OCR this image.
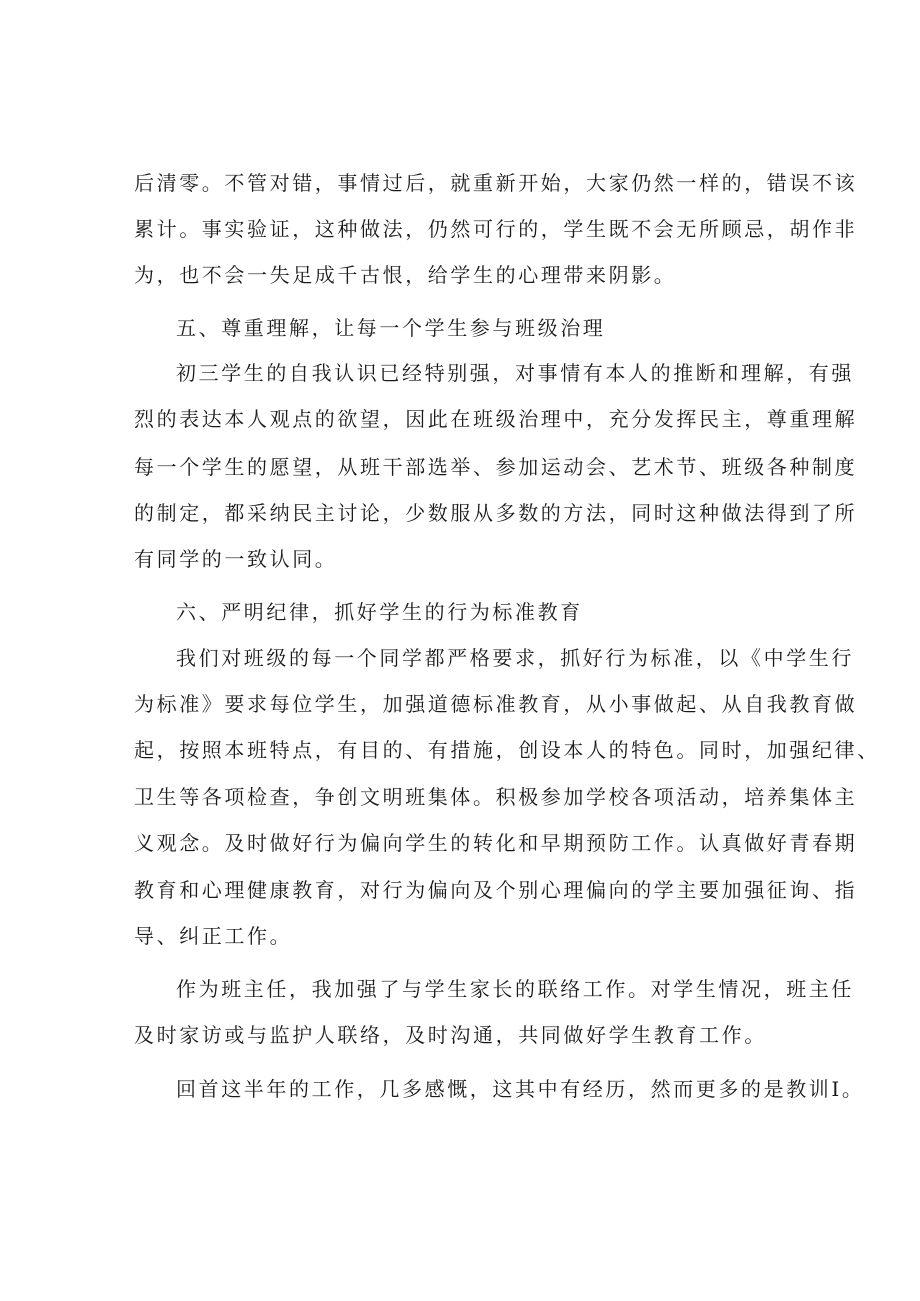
后清零。不管对错，事情过后，就重新开始，大家仍然一样的，错误不该

累计。事实验证，这种做法，仍然可行的，学生既不会无所顾忌，胡作非

为，也不会一失足成千古恨，给学生的心理带来阴影。

五、尊重理解，让每一个学生参与班级治理

初三学生的自我认识已经特别强，对事情有本人的推断和理解，有强

烈的表达本人观点的欲望，因此在班级治理中，充分发挥民主，尊重理解

每一个学生的愿望，从班干部选举、参加运动会、艺术节、班级各种制度

的制定，都采纳民主讨论，少数服从多数的方法，同时这种做法得到了所

有同学的一致认同。

六、严明纪律，抓好学生的行为标准教育

我们对班级的每一个同学都严格要求，抓好行为标准，以《中学生行

为标准》要求每位学生，加强道德标准教育，从小事做起、从自我教育做

起，按照本班特点，有目的、有措施，创设本人的特色。同时，加强纪律、

卫生等各项检查，争创文明班集体。积极参加学校各项活动，培养集体主

义观念。及时做好行为偏向学生的转化和早期预防工作。认真做好青春期

教育和心理健康教育，对行为偏向及个别心理偏向的学主要加强征询、指

导、纠正工作。

作为班主任，我加强了与学生家长的联络工作。对学生情况，班主任

及时家访或与监护人联络，及时沟通，共同做好学生教育工作。

回首这半年的工作，几多感慨，这其中有经历，然而更多的是教训I。
